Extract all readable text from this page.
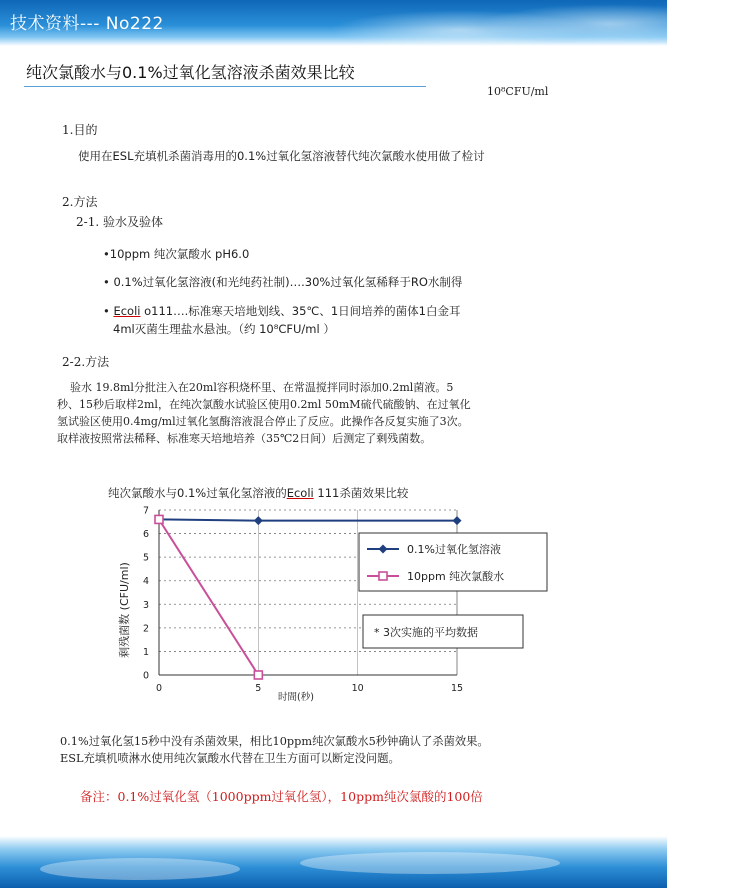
技术资料--- No222
纯次氯酸水与0.1%过氧化氢溶液杀菌效果比较
10⁸CFU/ml
1.目的
使用在ESL充填机杀菌消毒用的0.1%过氧化氢溶液替代纯次氯酸水使用做了检讨
2.方法
2-1. 验水及验体
•10ppm 纯次氯酸水 pH6.0
• 0.1%过氧化氢溶液(和光纯药社制)….30%过氧化氢稀释于RO水制得
• Ecoli o111….标准寒天培地划线、35℃、1日间培养的菌体1白金耳
4ml灭菌生理盐水悬浊。（约 10⁸CFU/ml ）
2-2.方法
验水 19.8ml分批注入在20ml容积烧杯里、在常温搅拌同时添加0.2ml菌液。5
秒、15秒后取样2ml，在纯次氯酸水试验区使用0.2ml 50mM硫代硫酸钠、在过氧化
氢试验区使用0.4mg/ml过氧化氢酶溶液混合停止了反应。此操作各反复实施了3次。
取样液按照常法稀释、标准寒天培地培养（35℃2日间）后测定了剩残菌数。
纯次氯酸水与0.1%过氧化氢溶液的Ecoli 111杀菌效果比较
0
1
2
3
4
5
6
7
0	5	10	15
0.1%过氧化氢溶液
10ppm 纯次氯酸水
* 3次实施的平均数据
剩残菌数 (CFU/ml)
时間(秒)
0.1%过氧化氢15秒中没有杀菌效果，相比10ppm纯次氯酸水5秒钟确认了杀菌效果。
ESL充填机喷淋水使用纯次氯酸水代替在卫生方面可以断定没问题。
备注：0.1%过氧化氢（1000ppm过氧化氢），10ppm纯次氯酸的100倍
